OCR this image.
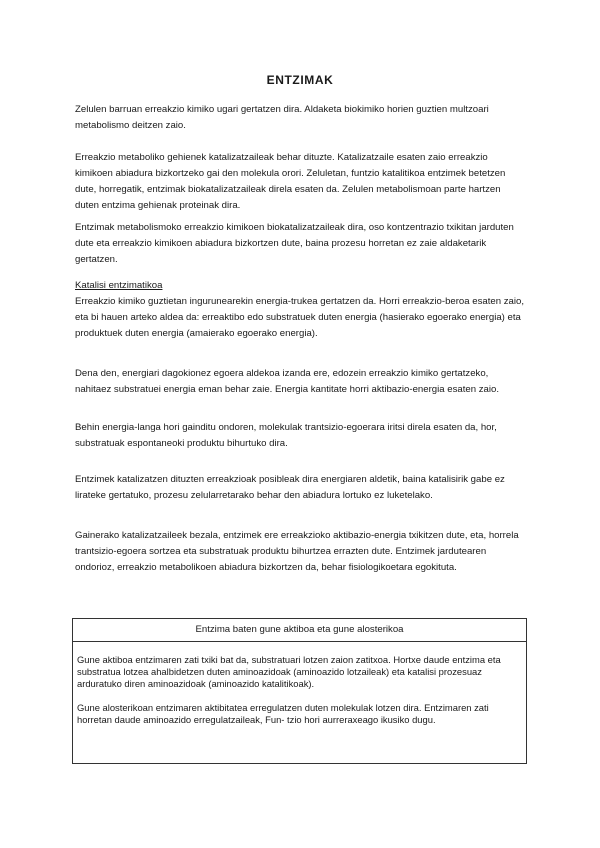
ENTZIMAK

Zelulen barruan erreakzio kimiko ugari gertatzen dira. Aldaketa biokimiko horien guztien multzoari metabolismo deitzen zaio.

Erreakzio metaboliko gehienek katalizatzaileak behar dituzte. Katalizatzaile esaten zaio erreakzio kimikoen abiadura bizkortzeko gai den molekula orori. Zeluletan, funtzio katalitikoa entzimek betetzen dute, horregatik, entzimak biokatalizatzaileak direla esaten da. Zelulen metabolismoan parte hartzen duten entzima gehienak proteinak dira.

Entzimak metabolismoko erreakzio kimikoen biokatalizatzaileak dira, oso kontzentrazio txikitan jarduten dute eta erreakzio kimikoen abiadura bizkortzen dute, baina prozesu horretan ez zaie aldaketarik gertatzen.

Katalisi entzimatikoa

Erreakzio kimiko guztietan ingurunearekin energia-trukea gertatzen da. Horri erreakzio-beroa esaten zaio, eta bi hauen arteko aldea da: erreaktibo edo substratuek duten energia (hasierako egoerako energia) eta produktuek duten energia (amaierako egoerako energia).

Dena den, energiari dagokionez egoera aldekoa izanda ere, edozein erreakzio kimiko gertatzeko, nahitaez substratuei energia eman behar zaie. Energia kantitate horri aktibazio-energia esaten zaio.

Behin energia-langa hori gainditu ondoren, molekulak trantsizio-egoerara iritsi direla esaten da, hor, substratuak espontaneoki produktu bihurtuko dira.

Entzimek katalizatzen dituzten erreakzioak posibleak dira energiaren aldetik, baina katalisirik gabe ez lirateke gertatuko, prozesu zelularretarako behar den abiadura lortuko ez luketelako.

Gainerako katalizatzaileek bezala, entzimek ere erreakzioko aktibazio-energia txikitzen dute, eta, horrela trantsizio-egoera sortzea eta substratuak produktu bihurtzea errazten dute. Entzimek jardutearen ondorioz, erreakzio metabolikoen abiadura bizkortzen da, behar fisiologikoetara egokituta.

Entzima baten gune aktiboa eta gune alosterikoa

Gune aktiboa entzimaren zati txiki bat da, substratuari lotzen zaion zatitxoa. Hortxe daude entzima eta substratua lotzea ahalbidetzen duten aminoazidoak (aminoazido lotzaileak) eta katalisi prozesuaz arduratuko diren aminoazidoak (aminoazido katalitikoak).

Gune alosterikoan entzimaren aktibitatea erregulatzen duten molekulak lotzen dira. Entzimaren zati horretan daude aminoazido erregulatzaileak, Fun- tzio hori aurreraxeago ikusiko dugu.
